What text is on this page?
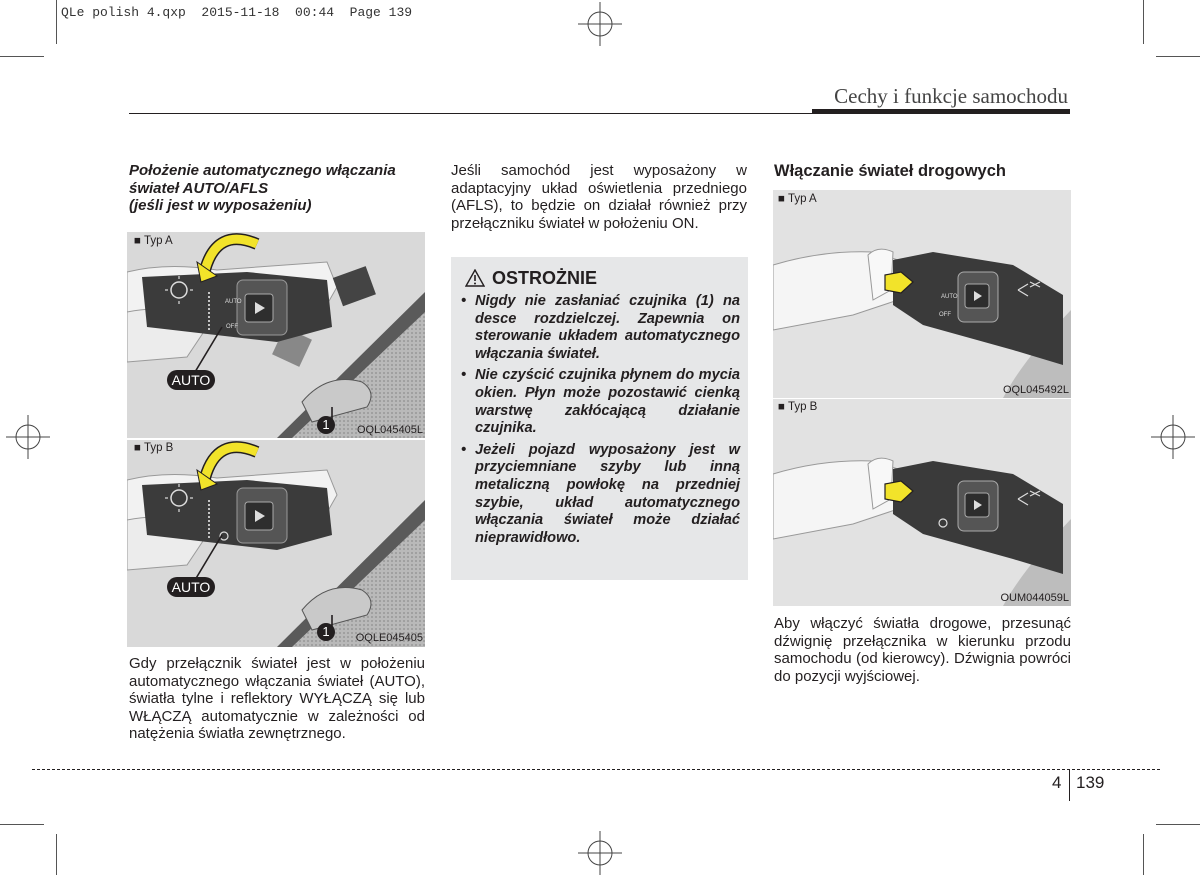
QLe polish 4.qxp  2015-11-18  00:44  Page 139
Cechy i funkcje samochodu
Położenie automatycznego włączania
świateł AUTO/AFLS
(jeśli jest w wyposażeniu)
AUTO
OFF
■ Typ A
AUTO
1	OQL045405L
■ Typ B
AUTO
1	OQLE045405
Gdy przełącznik świateł jest w położeniu automatycznego włączania świateł (AUTO), światła tylne i reflektory WYŁĄCZĄ się lub WŁĄCZĄ automatycznie w zależności od natężenia światła zewnętrznego.
Jeśli samochód jest wyposażony w adaptacyjny układ oświetlenia przedniego (AFLS), to będzie on działał również przy przełączniku świateł w położeniu ON.
OSTROŻNIE
• Nigdy nie zasłaniać czujnika (1) na desce rozdzielczej. Zapewnia on sterowanie układem automatycznego włączania świateł.
• Nie czyścić czujnika płynem do mycia okien. Płyn może pozostawić cienką warstwę zakłócającą działanie czujnika.
• Jeżeli pojazd wyposażony jest w przyciemniane szyby lub inną metaliczną powłokę na przedniej szybie, układ automatycznego włączania świateł może działać nieprawidłowo.
Włączanie świateł drogowych
AUTO
OFF
■ Typ A
OQL045492L
■ Typ B
OUM044059L
Aby włączyć światła drogowe, przesunąć dźwignię przełącznika w kierunku przodu samochodu (od kierowcy). Dźwignia powróci do pozycji wyjściowej.
4 139
